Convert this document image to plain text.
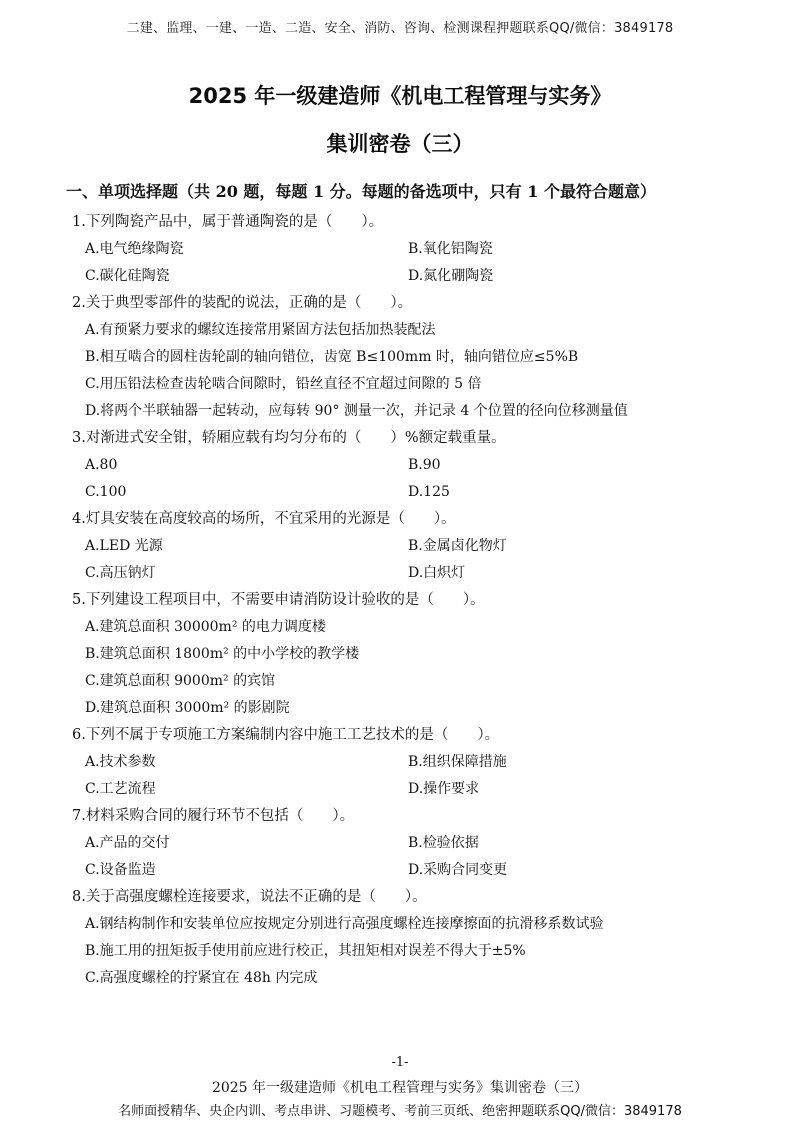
二建、监理、一建、一造、二造、安全、消防、咨询、检测课程押题联系QQ/微信：3849178
2025 年一级建造师《机电工程管理与实务》
集训密卷（三）
一、单项选择题（共 20 题，每题 1 分。每题的备选项中，只有 1 个最符合题意）
1.下列陶瓷产品中，属于普通陶瓷的是（　　）。
A.电气绝缘陶瓷	B.氧化铝陶瓷
C.碳化硅陶瓷	D.氮化硼陶瓷
2.关于典型零部件的装配的说法，正确的是（　　）。
A.有预紧力要求的螺纹连接常用紧固方法包括加热装配法
B.相互啮合的圆柱齿轮副的轴向错位，齿宽 B≤100mm 时，轴向错位应≤5%B
C.用压铅法检查齿轮啮合间隙时，铅丝直径不宜超过间隙的 5 倍
D.将两个半联轴器一起转动，应每转 90° 测量一次，并记录 4 个位置的径向位移测量值
3.对渐进式安全钳，轿厢应载有均匀分布的（　　）%额定载重量。
A.80	B.90
C.100	D.125
4.灯具安装在高度较高的场所，不宜采用的光源是（　　）。
A.LED 光源	B.金属卤化物灯
C.高压钠灯	D.白炽灯
5.下列建设工程项目中，不需要申请消防设计验收的是（　　）。
A.建筑总面积 30000m² 的电力调度楼
B.建筑总面积 1800m² 的中小学校的教学楼
C.建筑总面积 9000m² 的宾馆
D.建筑总面积 3000m² 的影剧院
6.下列不属于专项施工方案编制内容中施工工艺技术的是（　　）。
A.技术参数	B.组织保障措施
C.工艺流程	D.操作要求
7.材料采购合同的履行环节不包括（　　）。
A.产品的交付	B.检验依据
C.设备监造	D.采购合同变更
8.关于高强度螺栓连接要求，说法不正确的是（　　）。
A.钢结构制作和安装单位应按规定分别进行高强度螺栓连接摩擦面的抗滑移系数试验
B.施工用的扭矩扳手使用前应进行校正，其扭矩相对误差不得大于±5%
C.高强度螺栓的拧紧宜在 48h 内完成
-1-
2025 年一级建造师《机电工程管理与实务》集训密卷（三）
名师面授精华、央企内训、考点串讲、习题模考、考前三页纸、绝密押题联系QQ/微信：3849178
